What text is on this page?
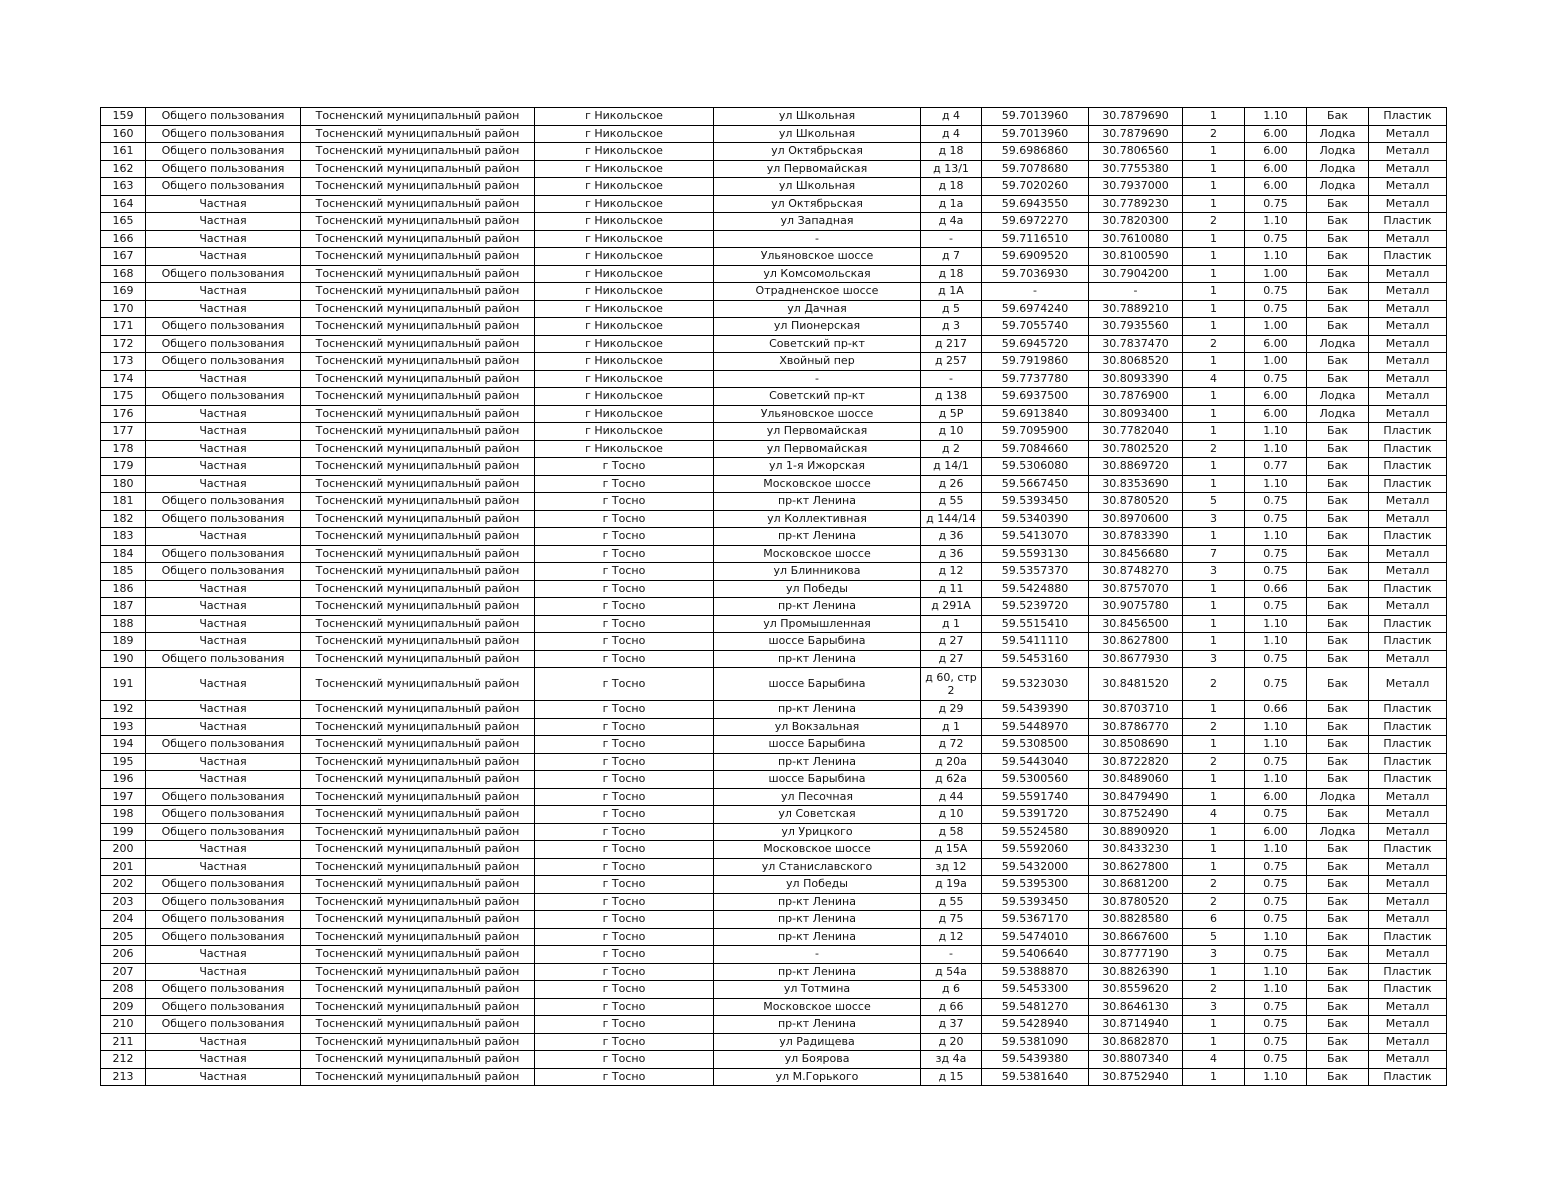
159	Общего пользования	Тосненский муниципальный район	г Никольское	ул Школьная	д 4	59.7013960	30.7879690	1	1.10	Бак	Пластик
160	Общего пользования	Тосненский муниципальный район	г Никольское	ул Школьная	д 4	59.7013960	30.7879690	2	6.00	Лодка	Металл
161	Общего пользования	Тосненский муниципальный район	г Никольское	ул Октябрьская	д 18	59.6986860	30.7806560	1	6.00	Лодка	Металл
162	Общего пользования	Тосненский муниципальный район	г Никольское	ул Первомайская	д 13/1	59.7078680	30.7755380	1	6.00	Лодка	Металл
163	Общего пользования	Тосненский муниципальный район	г Никольское	ул Школьная	д 18	59.7020260	30.7937000	1	6.00	Лодка	Металл
164	Частная	Тосненский муниципальный район	г Никольское	ул Октябрьская	д 1а	59.6943550	30.7789230	1	0.75	Бак	Металл
165	Частная	Тосненский муниципальный район	г Никольское	ул Западная	д 4а	59.6972270	30.7820300	2	1.10	Бак	Пластик
166	Частная	Тосненский муниципальный район	г Никольское	-	-	59.7116510	30.7610080	1	0.75	Бак	Металл
167	Частная	Тосненский муниципальный район	г Никольское	Ульяновское шоссе	д 7	59.6909520	30.8100590	1	1.10	Бак	Пластик
168	Общего пользования	Тосненский муниципальный район	г Никольское	ул Комсомольская	д 18	59.7036930	30.7904200	1	1.00	Бак	Металл
169	Частная	Тосненский муниципальный район	г Никольское	Отрадненское шоссе	д 1А	-	-	1	0.75	Бак	Металл
170	Частная	Тосненский муниципальный район	г Никольское	ул Дачная	д 5	59.6974240	30.7889210	1	0.75	Бак	Металл
171	Общего пользования	Тосненский муниципальный район	г Никольское	ул Пионерская	д 3	59.7055740	30.7935560	1	1.00	Бак	Металл
172	Общего пользования	Тосненский муниципальный район	г Никольское	Советский пр-кт	д 217	59.6945720	30.7837470	2	6.00	Лодка	Металл
173	Общего пользования	Тосненский муниципальный район	г Никольское	Хвойный пер	д 257	59.7919860	30.8068520	1	1.00	Бак	Металл
174	Частная	Тосненский муниципальный район	г Никольское	-	-	59.7737780	30.8093390	4	0.75	Бак	Металл
175	Общего пользования	Тосненский муниципальный район	г Никольское	Советский пр-кт	д 138	59.6937500	30.7876900	1	6.00	Лодка	Металл
176	Частная	Тосненский муниципальный район	г Никольское	Ульяновское шоссе	д 5Р	59.6913840	30.8093400	1	6.00	Лодка	Металл
177	Частная	Тосненский муниципальный район	г Никольское	ул Первомайская	д 10	59.7095900	30.7782040	1	1.10	Бак	Пластик
178	Частная	Тосненский муниципальный район	г Никольское	ул Первомайская	д 2	59.7084660	30.7802520	2	1.10	Бак	Пластик
179	Частная	Тосненский муниципальный район	г Тосно	ул 1-я Ижорская	д 14/1	59.5306080	30.8869720	1	0.77	Бак	Пластик
180	Частная	Тосненский муниципальный район	г Тосно	Московское шоссе	д 26	59.5667450	30.8353690	1	1.10	Бак	Пластик
181	Общего пользования	Тосненский муниципальный район	г Тосно	пр-кт Ленина	д 55	59.5393450	30.8780520	5	0.75	Бак	Металл
182	Общего пользования	Тосненский муниципальный район	г Тосно	ул Коллективная	д 144/14	59.5340390	30.8970600	3	0.75	Бак	Металл
183	Частная	Тосненский муниципальный район	г Тосно	пр-кт Ленина	д 36	59.5413070	30.8783390	1	1.10	Бак	Пластик
184	Общего пользования	Тосненский муниципальный район	г Тосно	Московское шоссе	д 36	59.5593130	30.8456680	7	0.75	Бак	Металл
185	Общего пользования	Тосненский муниципальный район	г Тосно	ул Блинникова	д 12	59.5357370	30.8748270	3	0.75	Бак	Металл
186	Частная	Тосненский муниципальный район	г Тосно	ул Победы	д 11	59.5424880	30.8757070	1	0.66	Бак	Пластик
187	Частная	Тосненский муниципальный район	г Тосно	пр-кт Ленина	д 291А	59.5239720	30.9075780	1	0.75	Бак	Металл
188	Частная	Тосненский муниципальный район	г Тосно	ул Промышленная	д 1	59.5515410	30.8456500	1	1.10	Бак	Пластик
189	Частная	Тосненский муниципальный район	г Тосно	шоссе Барыбина	д 27	59.5411110	30.8627800	1	1.10	Бак	Пластик
190	Общего пользования	Тосненский муниципальный район	г Тосно	пр-кт Ленина	д 27	59.5453160	30.8677930	3	0.75	Бак	Металл
191	Частная	Тосненский муниципальный район	г Тосно	шоссе Барыбина	д 60, стр 2	59.5323030	30.8481520	2	0.75	Бак	Металл
192	Частная	Тосненский муниципальный район	г Тосно	пр-кт Ленина	д 29	59.5439390	30.8703710	1	0.66	Бак	Пластик
193	Частная	Тосненский муниципальный район	г Тосно	ул Вокзальная	д 1	59.5448970	30.8786770	2	1.10	Бак	Пластик
194	Общего пользования	Тосненский муниципальный район	г Тосно	шоссе Барыбина	д 72	59.5308500	30.8508690	1	1.10	Бак	Пластик
195	Частная	Тосненский муниципальный район	г Тосно	пр-кт Ленина	д 20а	59.5443040	30.8722820	2	0.75	Бак	Пластик
196	Частная	Тосненский муниципальный район	г Тосно	шоссе Барыбина	д 62а	59.5300560	30.8489060	1	1.10	Бак	Пластик
197	Общего пользования	Тосненский муниципальный район	г Тосно	ул Песочная	д 44	59.5591740	30.8479490	1	6.00	Лодка	Металл
198	Общего пользования	Тосненский муниципальный район	г Тосно	ул Советская	д 10	59.5391720	30.8752490	4	0.75	Бак	Металл
199	Общего пользования	Тосненский муниципальный район	г Тосно	ул Урицкого	д 58	59.5524580	30.8890920	1	6.00	Лодка	Металл
200	Частная	Тосненский муниципальный район	г Тосно	Московское шоссе	д 15А	59.5592060	30.8433230	1	1.10	Бак	Пластик
201	Частная	Тосненский муниципальный район	г Тосно	ул Станиславского	зд 12	59.5432000	30.8627800	1	0.75	Бак	Металл
202	Общего пользования	Тосненский муниципальный район	г Тосно	ул Победы	д 19а	59.5395300	30.8681200	2	0.75	Бак	Металл
203	Общего пользования	Тосненский муниципальный район	г Тосно	пр-кт Ленина	д 55	59.5393450	30.8780520	2	0.75	Бак	Металл
204	Общего пользования	Тосненский муниципальный район	г Тосно	пр-кт Ленина	д 75	59.5367170	30.8828580	6	0.75	Бак	Металл
205	Общего пользования	Тосненский муниципальный район	г Тосно	пр-кт Ленина	д 12	59.5474010	30.8667600	5	1.10	Бак	Пластик
206	Частная	Тосненский муниципальный район	г Тосно	-	-	59.5406640	30.8777190	3	0.75	Бак	Металл
207	Частная	Тосненский муниципальный район	г Тосно	пр-кт Ленина	д 54а	59.5388870	30.8826390	1	1.10	Бак	Пластик
208	Общего пользования	Тосненский муниципальный район	г Тосно	ул Тотмина	д 6	59.5453300	30.8559620	2	1.10	Бак	Пластик
209	Общего пользования	Тосненский муниципальный район	г Тосно	Московское шоссе	д 66	59.5481270	30.8646130	3	0.75	Бак	Металл
210	Общего пользования	Тосненский муниципальный район	г Тосно	пр-кт Ленина	д 37	59.5428940	30.8714940	1	0.75	Бак	Металл
211	Частная	Тосненский муниципальный район	г Тосно	ул Радищева	д 20	59.5381090	30.8682870	1	0.75	Бак	Металл
212	Частная	Тосненский муниципальный район	г Тосно	ул Боярова	зд 4а	59.5439380	30.8807340	4	0.75	Бак	Металл
213	Частная	Тосненский муниципальный район	г Тосно	ул М.Горького	д 15	59.5381640	30.8752940	1	1.10	Бак	Пластик
